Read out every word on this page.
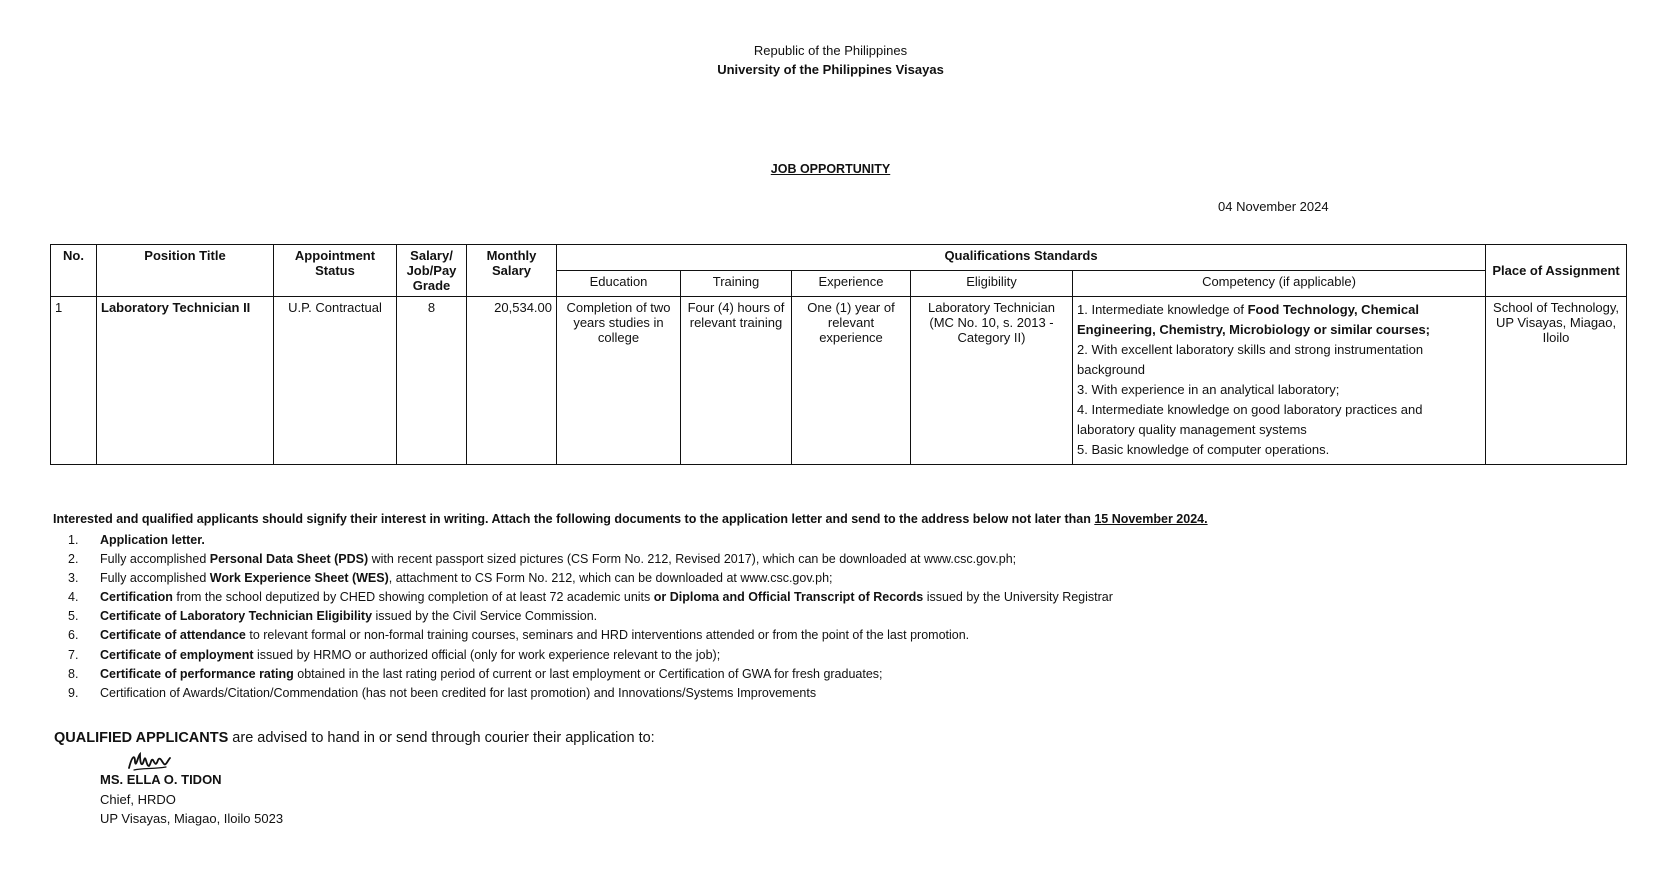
Republic of the Philippines
University of the Philippines Visayas
JOB OPPORTUNITY
04 November 2024
No.	Position Title	Appointment Status	Salary/ Job/Pay Grade	Monthly Salary	Qualifications Standards					Place of Assignment
					Education	Training	Experience	Eligibility	Competency (if applicable)	
1	Laboratory Technician II	U.P. Contractual	8	20,534.00	Completion of two years studies in college	Four (4) hours of relevant training	One (1) year of relevant experience	Laboratory Technician (MC No. 10, s. 2013 - Category II)	1. Intermediate knowledge of Food Technology, Chemical Engineering, Chemistry, Microbiology or similar courses;
2. With excellent laboratory skills and strong instrumentation background
3. With experience in an analytical laboratory;
4. Intermediate knowledge on good laboratory practices and laboratory quality management systems
5. Basic knowledge of computer operations.	School of Technology, UP Visayas, Miagao, Iloilo
Interested and qualified applicants should signify their interest in writing. Attach the following documents to the application letter and send to the address below not later than 15 November 2024.
1. Application letter.
2. Fully accomplished Personal Data Sheet (PDS) with recent passport sized pictures (CS Form No. 212, Revised 2017), which can be downloaded at www.csc.gov.ph;
3. Fully accomplished Work Experience Sheet (WES), attachment to CS Form No. 212, which can be downloaded at www.csc.gov.ph;
4. Certification from the school deputized by CHED showing completion of at least 72 academic units or Diploma and Official Transcript of Records issued by the University Registrar
5. Certificate of Laboratory Technician Eligibility issued by the Civil Service Commission.
6. Certificate of attendance to relevant formal or non-formal training courses, seminars and HRD interventions attended or from the point of the last promotion.
7. Certificate of employment issued by HRMO or authorized official (only for work experience relevant to the job);
8. Certificate of performance rating obtained in the last rating period of current or last employment or Certification of GWA for fresh graduates;
9. Certification of Awards/Citation/Commendation (has not been credited for last promotion) and Innovations/Systems Improvements
QUALIFIED APPLICANTS are advised to hand in or send through courier their application to:
MS. ELLA O. TIDON
Chief, HRDO
UP Visayas, Miagao, Iloilo 5023
